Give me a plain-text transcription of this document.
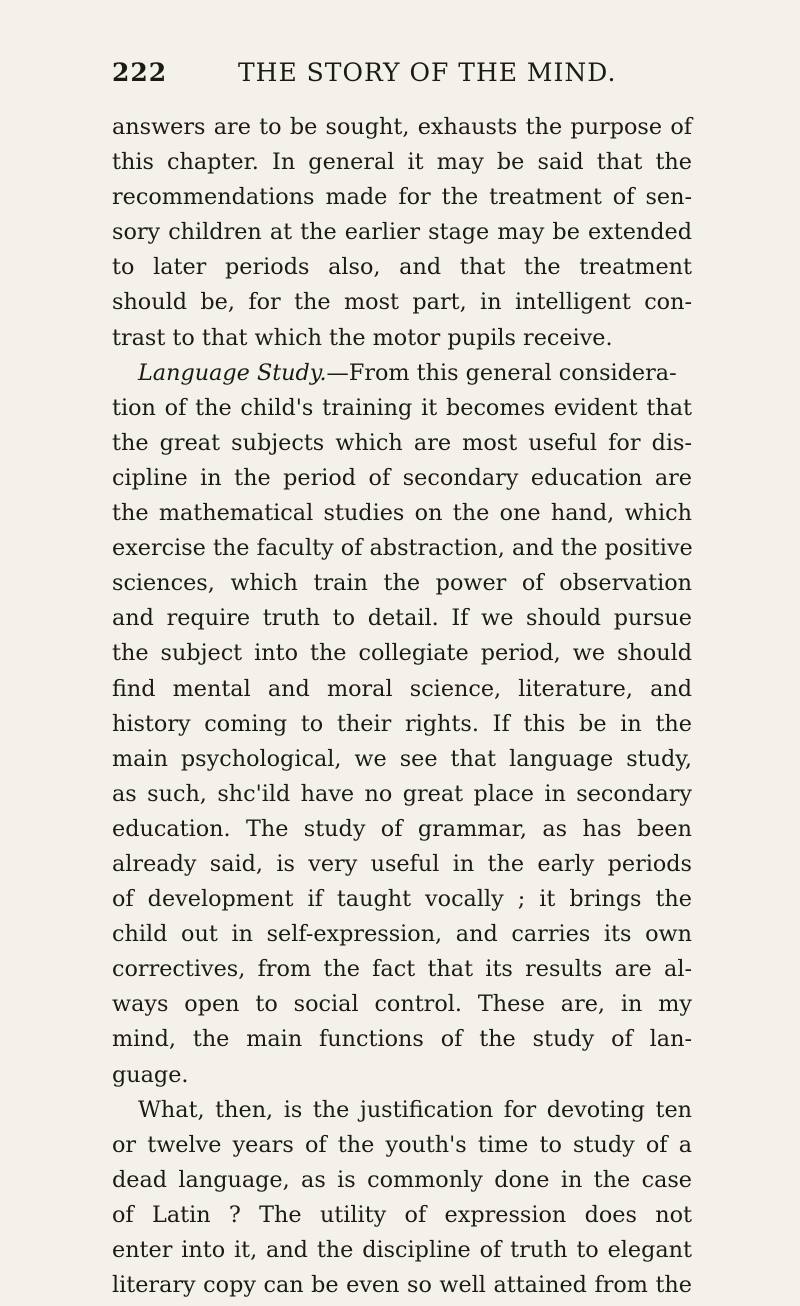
222	THE STORY OF THE MIND.
answers are to be sought, exhausts the purpose of
this chapter. In general it may be said that the
recommendations made for the treatment of sen-
sory children at the earlier stage may be extended
to later periods also, and that the treatment
should be, for the most part, in intelligent con-
trast to that which the motor pupils receive.
Language Study.—From this general considera-
tion of the child's training it becomes evident that
the great subjects which are most useful for dis-
cipline in the period of secondary education are
the mathematical studies on the one hand, which
exercise the faculty of abstraction, and the positive
sciences, which train the power of observation
and require truth to detail. If we should pursue
the subject into the collegiate period, we should
find mental and moral science, literature, and
history coming to their rights. If this be in the
main psychological, we see that language study,
as such, shc'ild have no great place in secondary
education. The study of grammar, as has been
already said, is very useful in the early periods
of development if taught vocally ; it brings the
child out in self-expression, and carries its own
correctives, from the fact that its results are al-
ways open to social control. These are, in my
mind, the main functions of the study of lan-
guage.
What, then, is the justification for devoting ten
or twelve years of the youth's time to study of a
dead language, as is commonly done in the case
of Latin ? The utility of expression does not
enter into it, and the discipline of truth to elegant
literary copy can be even so well attained from the
